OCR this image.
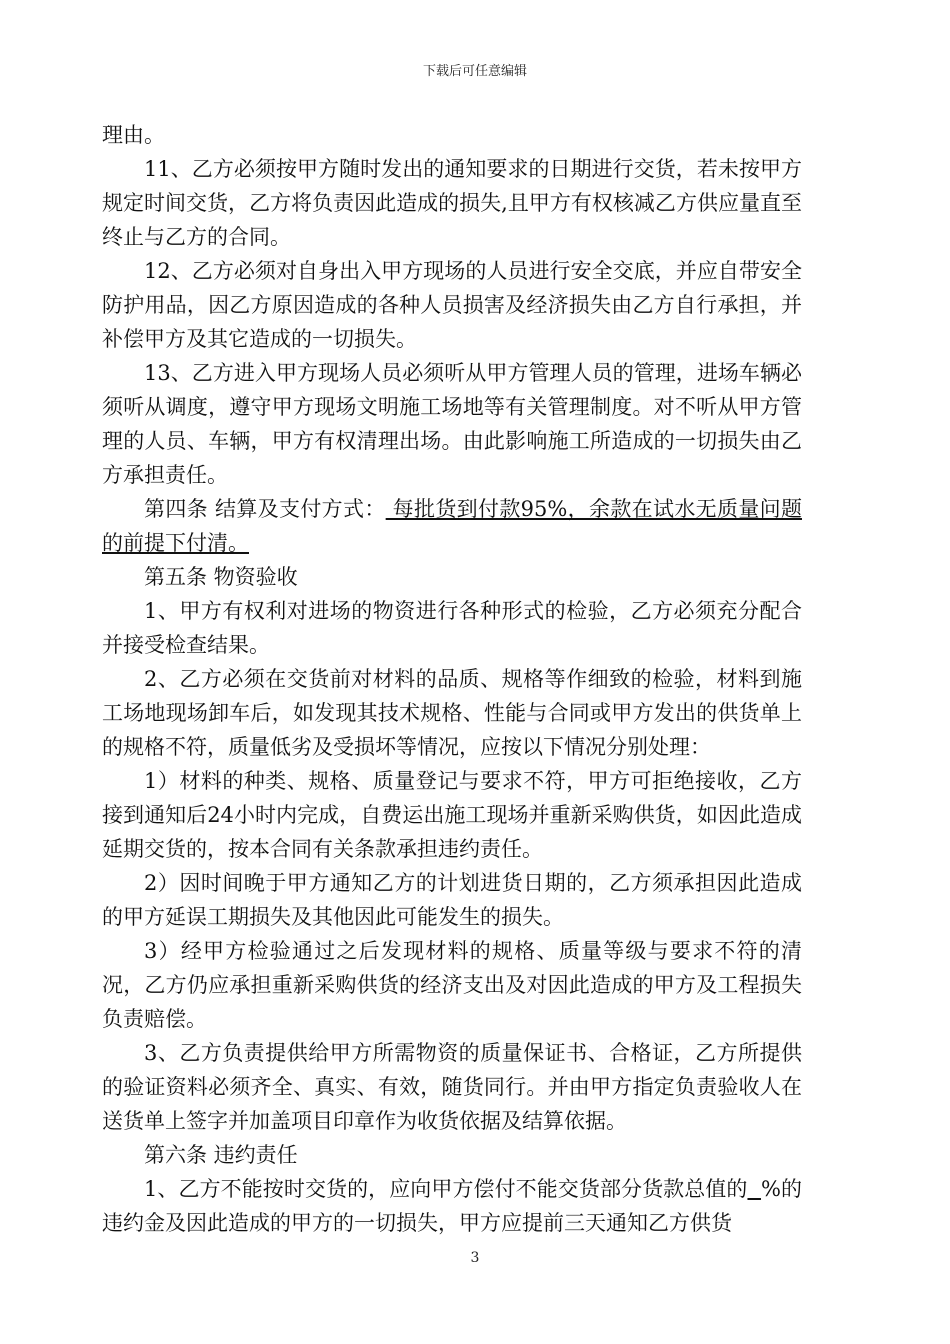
下载后可任意编辑

理由。

11、乙方必须按甲方随时发出的通知要求的日期进行交货，若未按甲方规定时间交货，乙方将负责因此造成的损失,且甲方有权核减乙方供应量直至终止与乙方的合同。

12、乙方必须对自身出入甲方现场的人员进行安全交底，并应自带安全防护用品，因乙方原因造成的各种人员损害及经济损失由乙方自行承担，并补偿甲方及其它造成的一切损失。

13、乙方进入甲方现场人员必须听从甲方管理人员的管理，进场车辆必须听从调度，遵守甲方现场文明施工场地等有关管理制度。对不听从甲方管理的人员、车辆，甲方有权清理出场。由此影响施工所造成的一切损失由乙方承担责任。

第四条 结算及支付方式： 每批货到付款95%，余款在试水无质量问题的前提下付清。

第五条 物资验收

1、甲方有权利对进场的物资进行各种形式的检验，乙方必须充分配合并接受检查结果。

2、乙方必须在交货前对材料的品质、规格等作细致的检验，材料到施工场地现场卸车后，如发现其技术规格、性能与合同或甲方发出的供货单上的规格不符，质量低劣及受损坏等情况，应按以下情况分别处理：

1）材料的种类、规格、质量登记与要求不符，甲方可拒绝接收，乙方接到通知后24小时内完成，自费运出施工现场并重新采购供货，如因此造成延期交货的，按本合同有关条款承担违约责任。

2）因时间晚于甲方通知乙方的计划进货日期的，乙方须承担因此造成的甲方延误工期损失及其他因此可能发生的损失。

3）经甲方检验通过之后发现材料的规格、质量等级与要求不符的清况，乙方仍应承担重新采购供货的经济支出及对因此造成的甲方及工程损失负责赔偿。

3、乙方负责提供给甲方所需物资的质量保证书、合格证，乙方所提供的验证资料必须齐全、真实、有效，随货同行。并由甲方指定负责验收人在送货单上签字并加盖项目印章作为收货依据及结算依据。

第六条 违约责任

1、乙方不能按时交货的，应向甲方偿付不能交货部分货款总值的 %的违约金及因此造成的甲方的一切损失，甲方应提前三天通知乙方供货

3
